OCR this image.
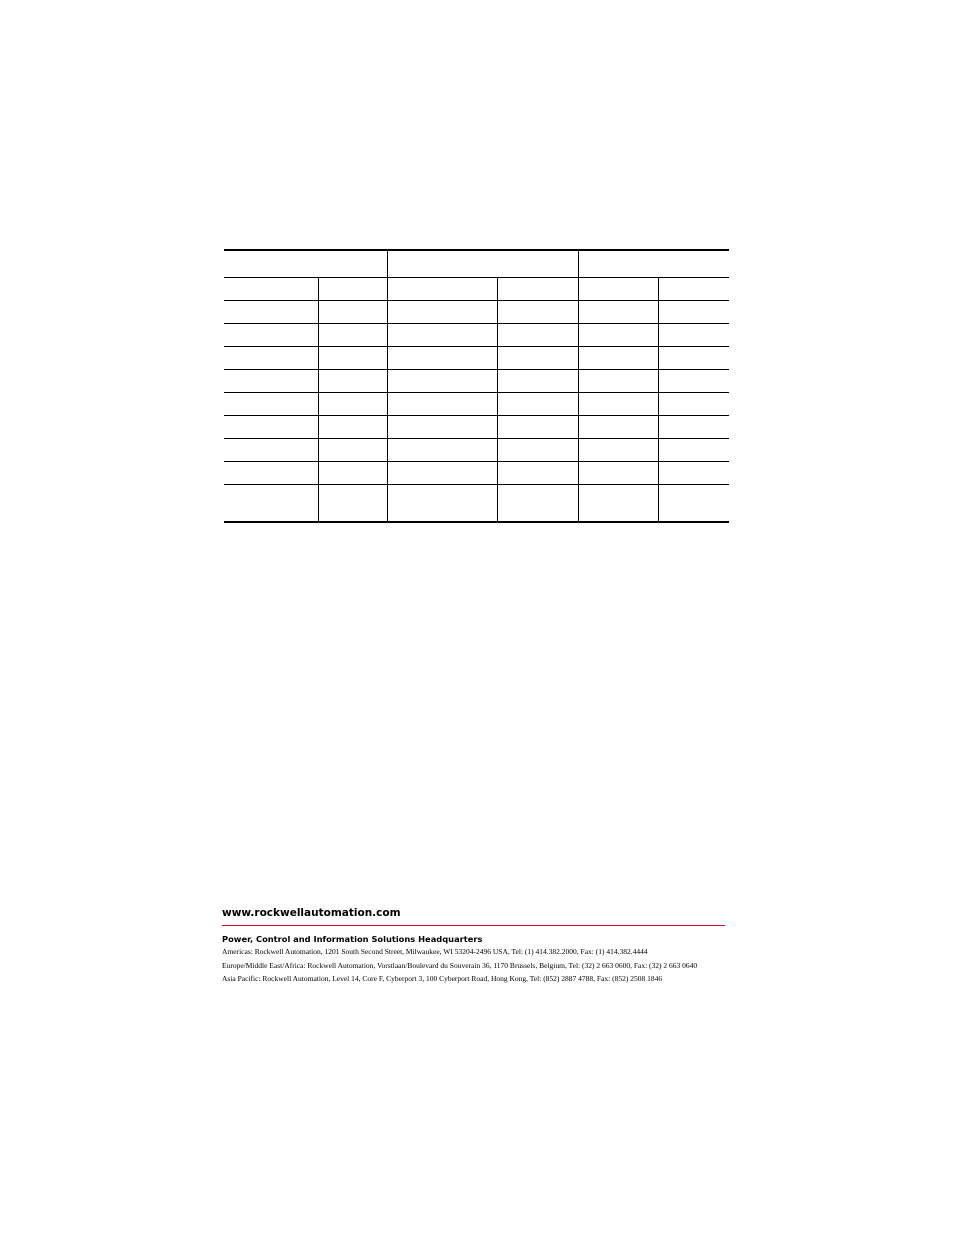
www.rockwellautomation.com
Power, Control and Information Solutions Headquarters
Americas: Rockwell Automation, 1201 South Second Street, Milwaukee, WI 53204-2496 USA, Tel: (1) 414.382.2000, Fax: (1) 414.382.4444
Europe/Middle East/Africa: Rockwell Automation, Vorstlaan/Boulevard du Souverain 36, 1170 Brussels, Belgium, Tel: (32) 2 663 0600, Fax: (32) 2 663 0640
Asia Pacific: Rockwell Automation, Level 14, Core F, Cyberport 3, 100 Cyberport Road, Hong Kong, Tel: (852) 2887 4788, Fax: (852) 2508 1846
